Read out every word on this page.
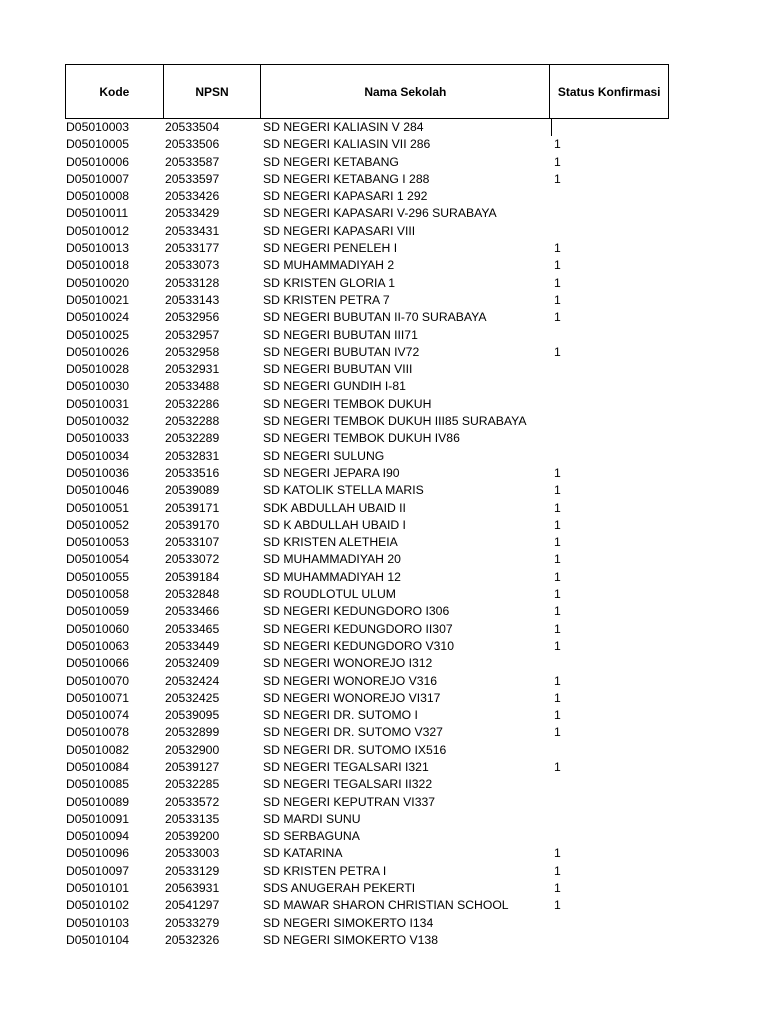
Kode	NPSN	Nama Sekolah	Status Konfirmasi
D05010003	20533504	SD NEGERI KALIASIN V 284
D05010005	20533506	SD NEGERI KALIASIN VII 286	1
D05010006	20533587	SD NEGERI KETABANG	1
D05010007	20533597	SD NEGERI KETABANG I 288	1
D05010008	20533426	SD NEGERI KAPASARI 1 292
D05010011	20533429	SD NEGERI KAPASARI V-296 SURABAYA
D05010012	20533431	SD NEGERI KAPASARI VIII
D05010013	20533177	SD NEGERI PENELEH I	1
D05010018	20533073	SD MUHAMMADIYAH 2	1
D05010020	20533128	SD KRISTEN GLORIA 1	1
D05010021	20533143	SD KRISTEN PETRA 7	1
D05010024	20532956	SD NEGERI BUBUTAN II-70 SURABAYA	1
D05010025	20532957	SD NEGERI BUBUTAN III71
D05010026	20532958	SD NEGERI BUBUTAN IV72	1
D05010028	20532931	SD NEGERI BUBUTAN VIII
D05010030	20533488	SD NEGERI GUNDIH I-81
D05010031	20532286	SD NEGERI TEMBOK DUKUH
D05010032	20532288	SD NEGERI TEMBOK DUKUH III85 SURABAYA
D05010033	20532289	SD NEGERI TEMBOK DUKUH IV86
D05010034	20532831	SD NEGERI SULUNG
D05010036	20533516	SD NEGERI JEPARA I90	1
D05010046	20539089	SD KATOLIK STELLA MARIS	1
D05010051	20539171	SDK ABDULLAH UBAID II	1
D05010052	20539170	SD K ABDULLAH UBAID I	1
D05010053	20533107	SD KRISTEN ALETHEIA	1
D05010054	20533072	SD MUHAMMADIYAH 20	1
D05010055	20539184	SD MUHAMMADIYAH 12	1
D05010058	20532848	SD ROUDLOTUL ULUM	1
D05010059	20533466	SD NEGERI KEDUNGDORO I306	1
D05010060	20533465	SD NEGERI KEDUNGDORO II307	1
D05010063	20533449	SD NEGERI KEDUNGDORO V310	1
D05010066	20532409	SD NEGERI WONOREJO I312
D05010070	20532424	SD NEGERI WONOREJO V316	1
D05010071	20532425	SD NEGERI WONOREJO VI317	1
D05010074	20539095	SD NEGERI DR. SUTOMO I	1
D05010078	20532899	SD NEGERI DR. SUTOMO V327	1
D05010082	20532900	SD NEGERI DR. SUTOMO IX516
D05010084	20539127	SD NEGERI TEGALSARI I321	1
D05010085	20532285	SD NEGERI TEGALSARI II322
D05010089	20533572	SD NEGERI KEPUTRAN VI337
D05010091	20533135	SD MARDI SUNU
D05010094	20539200	SD SERBAGUNA
D05010096	20533003	SD KATARINA	1
D05010097	20533129	SD KRISTEN PETRA I	1
D05010101	20563931	SDS ANUGERAH PEKERTI	1
D05010102	20541297	SD MAWAR SHARON CHRISTIAN SCHOOL	1
D05010103	20533279	SD NEGERI SIMOKERTO I134
D05010104	20532326	SD NEGERI SIMOKERTO V138
